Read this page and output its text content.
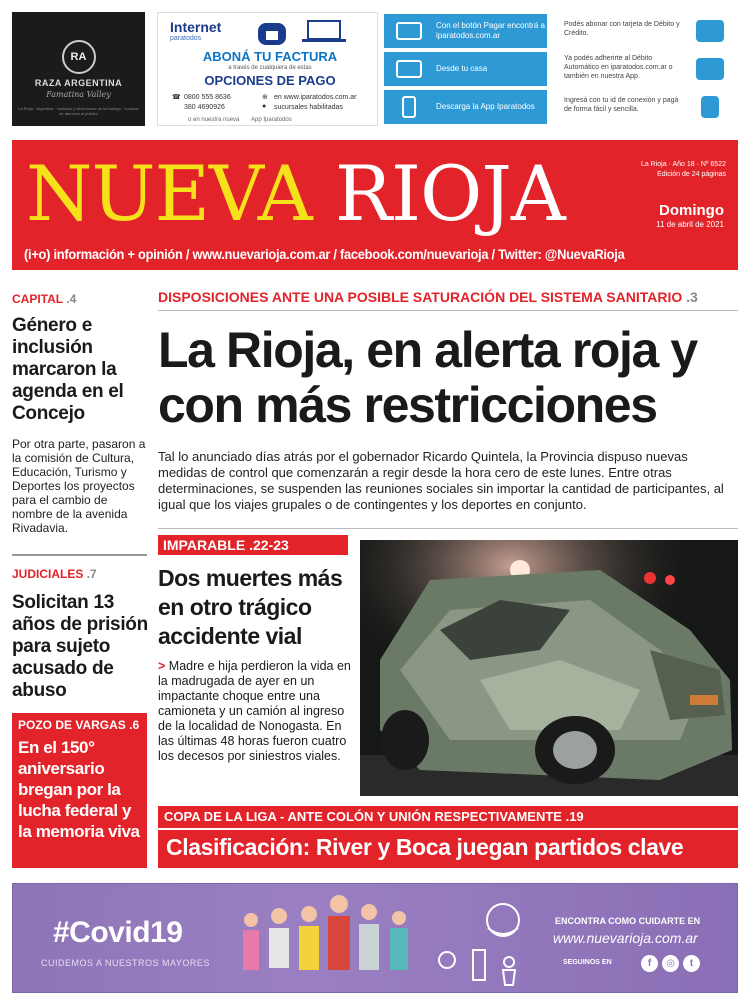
RA
RAZA ARGENTINA
Famatina Valley
La Rioja · Argentina · contacto y direcciones de la bodega · horarios de atención al público
Internet
paratodos
ABONÁ TU FACTURA
a través de cualquiera de estas
OPCIONES DE PAGO
☎ 0800 555 8636
380 4690926
⊕ en www.iparatodos.com.ar
● sucursales habilitadas
o en nuestra nueva App Iparatodos
Con el botón Pagar encontrá a iparatodos.com.ar
Desde tu casa
Descarga la App Iparatodos
Podés abonar con tarjeta de Débito y Crédito.
Ya podés adherirte al Débito Automático en iparatodos.com.ar o también en nuestra App.
Ingresá con tu id de conexión y pagá de forma fácil y sencilla.
NUEVA RIOJA	La Rioja · Año 18 · Nº 6522
Edición de 24 páginas
Domingo
11 de abril de 2021
(i+o) información + opinión / www.nuevarioja.com.ar / facebook.com/nuevarioja / Twitter: @NuevaRioja
CAPITAL .4
Género e inclusión marcaron la agenda en el Concejo
Por otra parte, pasaron a la comisión de Cultura, Educación, Turismo y Deportes los proyectos para el cambio de nombre de la avenida Rivadavia.
JUDICIALES .7
Solicitan 13 años de prisión para sujeto acusado de abuso
POZO DE VARGAS .6
En el 150° aniversario bregan por la lucha federal y la memoria viva
DISPOSICIONES ANTE UNA POSIBLE SATURACIÓN DEL SISTEMA SANITARIO .3
La Rioja, en alerta roja y con más restricciones
Tal lo anunciado días atrás por el gobernador Ricardo Quintela, la Provincia dispuso nuevas medidas de control que comenzarán a regir desde la hora cero de este lunes. Entre otras determinaciones, se suspenden las reuniones sociales sin importar la cantidad de participantes, al igual que los viajes grupales o de contingentes y los deportes en conjunto.
IMPARABLE .22-23
Dos muertes más en otro trágico accidente vial
> Madre e hija perdieron la vida en la madrugada de ayer en un impactante choque entre una camioneta y un camión al ingreso de la localidad de Nonogasta. En las últimas 48 horas fueron cuatro los decesos por siniestros viales.
COPA DE LA LIGA - ANTE COLÓN Y UNIÓN RESPECTIVAMENTE .19
Clasificación: River y Boca juegan partidos clave
#Covid19
CUIDEMOS A NUESTROS MAYORES
ENCONTRA COMO CUIDARTE EN
www.nuevarioja.com.ar
SEGUINOS EN	f	◎	t
